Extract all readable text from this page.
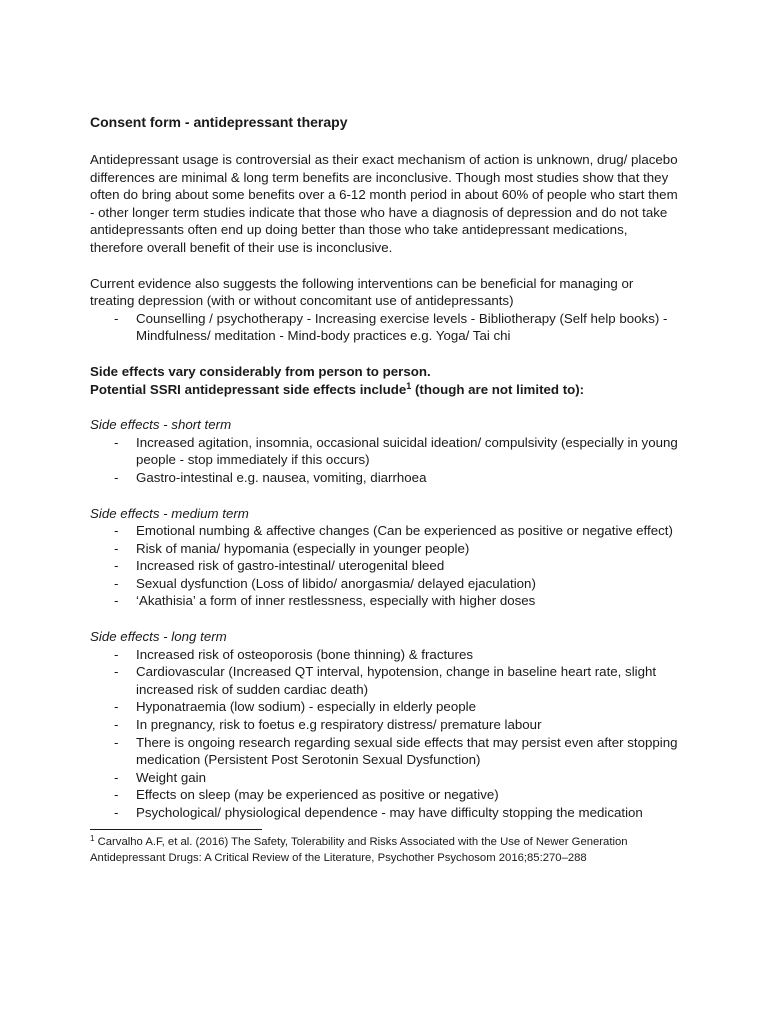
Consent form - antidepressant therapy

Antidepressant usage is controversial as their exact mechanism of action is unknown, drug/ placebo differences are minimal & long term benefits are inconclusive. Though most studies show that they often do bring about some benefits over a 6-12 month period in about 60% of people who start them - other longer term studies indicate that those who have a diagnosis of depression and do not take antidepressants often end up doing better than those who take antidepressant medications, therefore overall benefit of their use is inconclusive.

Current evidence also suggests the following interventions can be beneficial for managing or treating depression (with or without concomitant use of antidepressants)

- Counselling / psychotherapy - Increasing exercise levels - Bibliotherapy (Self help books) - Mindfulness/ meditation - Mind-body practices e.g. Yoga/ Tai chi

Side effects vary considerably from person to person.

Potential SSRI antidepressant side effects include$^1$ (though are not limited to):

Side effects - short term

- Increased agitation, insomnia, occasional suicidal ideation/ compulsivity (especially in young people - stop immediately if this occurs)
- Gastro-intestinal e.g. nausea, vomiting, diarrhoea

Side effects - medium term

- Emotional numbing & affective changes (Can be experienced as positive or negative effect)
- Risk of mania/ hypomania (especially in younger people)
- Increased risk of gastro-intestinal/ uterogenital bleed
- Sexual dysfunction (Loss of libido/ anorgasmia/ delayed ejaculation)
- ‘Akathisia’ a form of inner restlessness, especially with higher doses

Side effects - long term

- Increased risk of osteoporosis (bone thinning) & fractures
- Cardiovascular (Increased QT interval, hypotension, change in baseline heart rate, slight increased risk of sudden cardiac death)
- Hyponatraemia (low sodium) - especially in elderly people
- In pregnancy, risk to foetus e.g respiratory distress/ premature labour
- There is ongoing research regarding sexual side effects that may persist even after stopping medication (Persistent Post Serotonin Sexual Dysfunction)
- Weight gain
- Effects on sleep (may be experienced as positive or negative)
- Psychological/ physiological dependence - may have difficulty stopping the medication

$^1$ Carvalho A.F, et al. (2016) The Safety, Tolerability and Risks Associated with the Use of Newer Generation Antidepressant Drugs: A Critical Review of the Literature, Psychother Psychosom 2016;85:270–288
